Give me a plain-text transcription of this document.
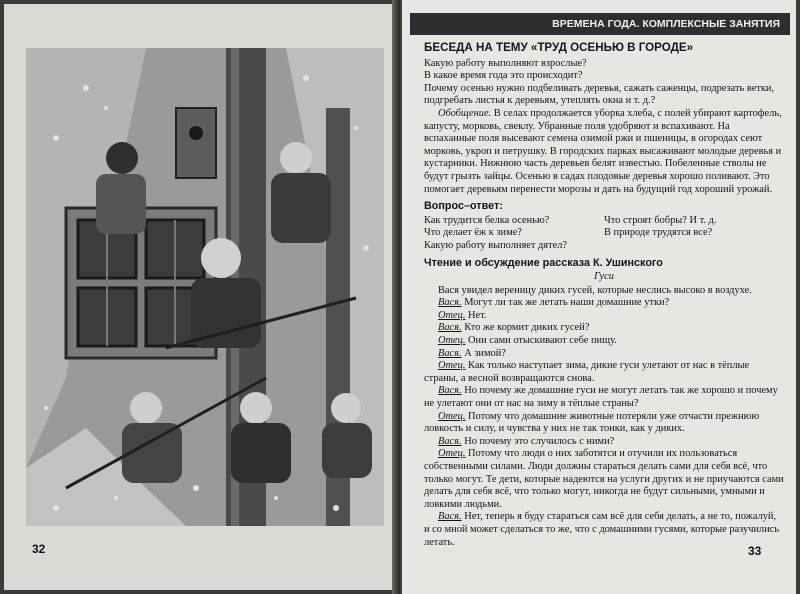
32
ВРЕМЕНА ГОДА. КОМПЛЕКСНЫЕ ЗАНЯТИЯ
БЕСЕДА НА ТЕМУ «ТРУД ОСЕНЬЮ В ГОРОДЕ»

Какую работу выполняют взрослые?

В какое время года это происходит?

Почему осенью нужно подбеливать деревья, сажать саженцы, подрезать ветки, подгребать листья к деревьям, утеплять окна и т. д.?

Обобщение. В селах продолжается уборка хлеба, с полей убирают картофель, капусту, морковь, свеклу. Убранные поля удобряют и вспахивают. На вспаханные поля высевают семена озимой ржи и пшеницы, в огородах сеют морковь, укроп и петрушку. В городских парках высаживают молодые деревья и кустарники. Нижнюю часть деревьев белят известью. Побеленные стволы не будут грызть зайцы. Осенью в садах плодовые деревья хорошо поливают. Это помогает деревьям перенести морозы и дать на будущий год хороший урожай.

Вопрос–ответ:

Как трудится белка осенью?

Что делает ёж к зиме?

Какую работу выполняет дятел?

Что строят бобры? И т. д.

В природе трудятся все?

Чтение и обсуждение рассказа К. Ушинского
Гуси

Вася увидел вереницу диких гусей, которые неслись высоко в воздухе.

Вася. Могут ли так же летать наши домашние утки?

Отец. Нет.

Вася. Кто же кормит диких гусей?

Отец. Они сами отыскивают себе пищу.

Вася. А зимой?

Отец. Как только наступает зима, дикие гуси улетают от нас в тёплые страны, а весной возвращаются снова.

Вася. Но почему же домашние гуси не могут летать так же хорошо и почему не улетают они от нас на зиму в тёплые страны?

Отец. Потому что домашние животные потеряли уже отчасти прежнюю ловкость и силу, и чувства у них не так тонки, как у диких.

Вася. Но почему это случилось с ними?

Отец. Потому что люди о них заботятся и отучили их пользоваться собственными силами. Люди должны стараться делать сами для себя всё, что только могут. Те дети, которые надеются на услуги других и не приучаются сами делать для себя всё, что только могут, никогда не будут сильными, умными и ловкими людьми.

Вася. Нет, теперь я буду стараться сам всё для себя делать, а не то, пожалуй, и со мной может сделаться то же, что с домашними гусями, которые разучились летать.

33
